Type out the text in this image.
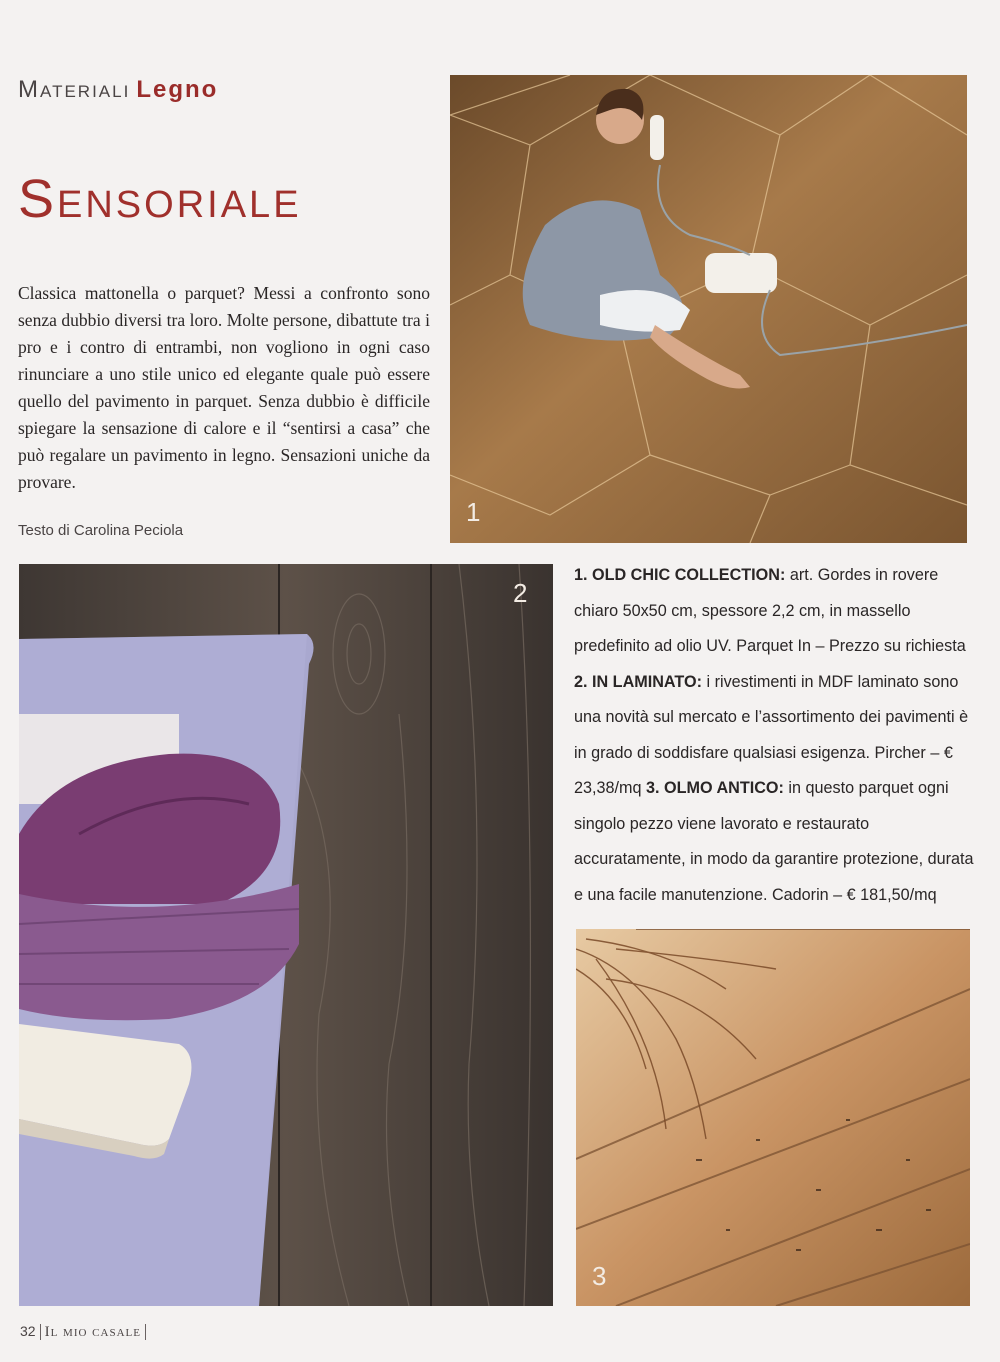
Materiali Legno
Sensoriale

Classica mattonella o parquet? Messi a confronto sono senza dubbio diversi tra loro. Molte persone, dibattute tra i pro e i contro di entrambi, non vogliono in ogni caso rinunciare a uno stile unico ed elegante quale può essere quello del pavimento in parquet. Senza dubbio è difficile spiegare la sensazione di calore e il “sentirsi a casa” che può regalare un pavimento in legno. Sensazioni uniche da provare.

Testo di Carolina Peciola
1
2

1. OLD CHIC COLLECTION: art. Gordes in rovere chiaro 50x50 cm, spessore 2,2 cm, in massello predefinito ad olio UV. Parquet In – Prezzo su richiesta 2. IN LAMINATO: i rivestimenti in MDF laminato sono una novità sul mercato e l’assortimento dei pavimenti è in grado di soddisfare qualsiasi esigenza. Pircher – € 23,38/mq 3. OLMO ANTICO: in questo parquet ogni singolo pezzo viene lavorato e restaurato accuratamente, in modo da garantire protezione, durata e una facile manutenzione. Cadorin – € 181,50/mq

3
32 Il mio casale
